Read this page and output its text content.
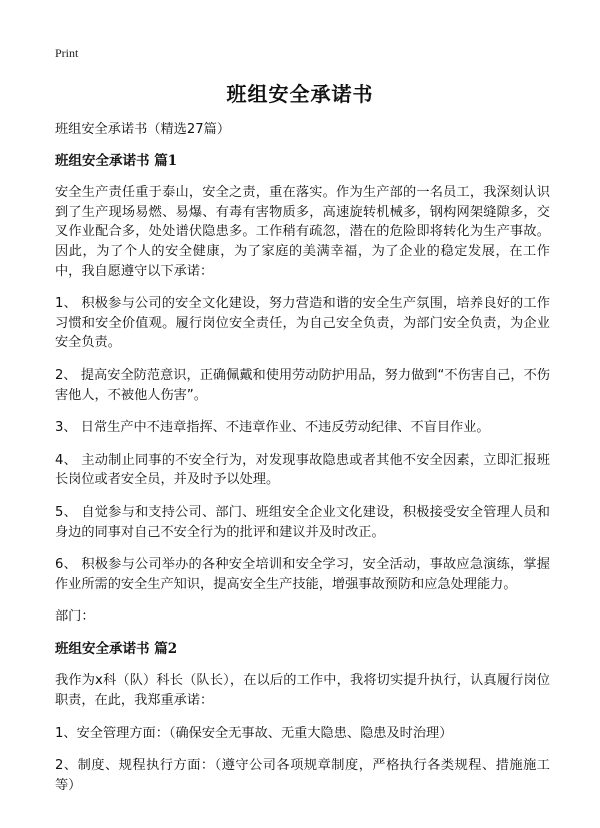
Print
班组安全承诺书

班组安全承诺书（精选27篇）

班组安全承诺书 篇1

安全生产责任重于泰山，安全之责，重在落实。作为生产部的一名员工，我深刻认识到了生产现场易燃、易爆、有毒有害物质多，高速旋转机械多，钢构网架缝隙多，交叉作业配合多，处处谱伏隐患多。工作稍有疏忽，潜在的危险即将转化为生产事故。因此，为了个人的安全健康，为了家庭的美满幸福，为了企业的稳定发展，在工作中，我自愿遵守以下承诺：

1、 积极参与公司的安全文化建设，努力营造和谐的安全生产氛围，培养良好的工作习惯和安全价值观。履行岗位安全责任，为自己安全负责，为部门安全负责，为企业安全负责。

2、 提高安全防范意识，正确佩戴和使用劳动防护用品，努力做到“不伤害自己，不伤害他人，不被他人伤害”。

3、 日常生产中不违章指挥、不违章作业、不违反劳动纪律、不盲目作业。

4、 主动制止同事的不安全行为，对发现事故隐患或者其他不安全因素，立即汇报班长岗位或者安全员，并及时予以处理。

5、 自觉参与和支持公司、部门、班组安全企业文化建设，积极接受安全管理人员和身边的同事对自己不安全行为的批评和建议并及时改正。

6、 积极参与公司举办的各种安全培训和安全学习，安全活动，事故应急演练，掌握作业所需的安全生产知识，提高安全生产技能，增强事故预防和应急处理能力。

部门：

班组安全承诺书 篇2

我作为x科（队）科长（队长），在以后的工作中，我将切实提升执行，认真履行岗位职责，在此，我郑重承诺：

1、安全管理方面：（确保安全无事故、无重大隐患、隐患及时治理）

2、制度、规程执行方面：（遵守公司各项规章制度，严格执行各类规程、措施施工等）
